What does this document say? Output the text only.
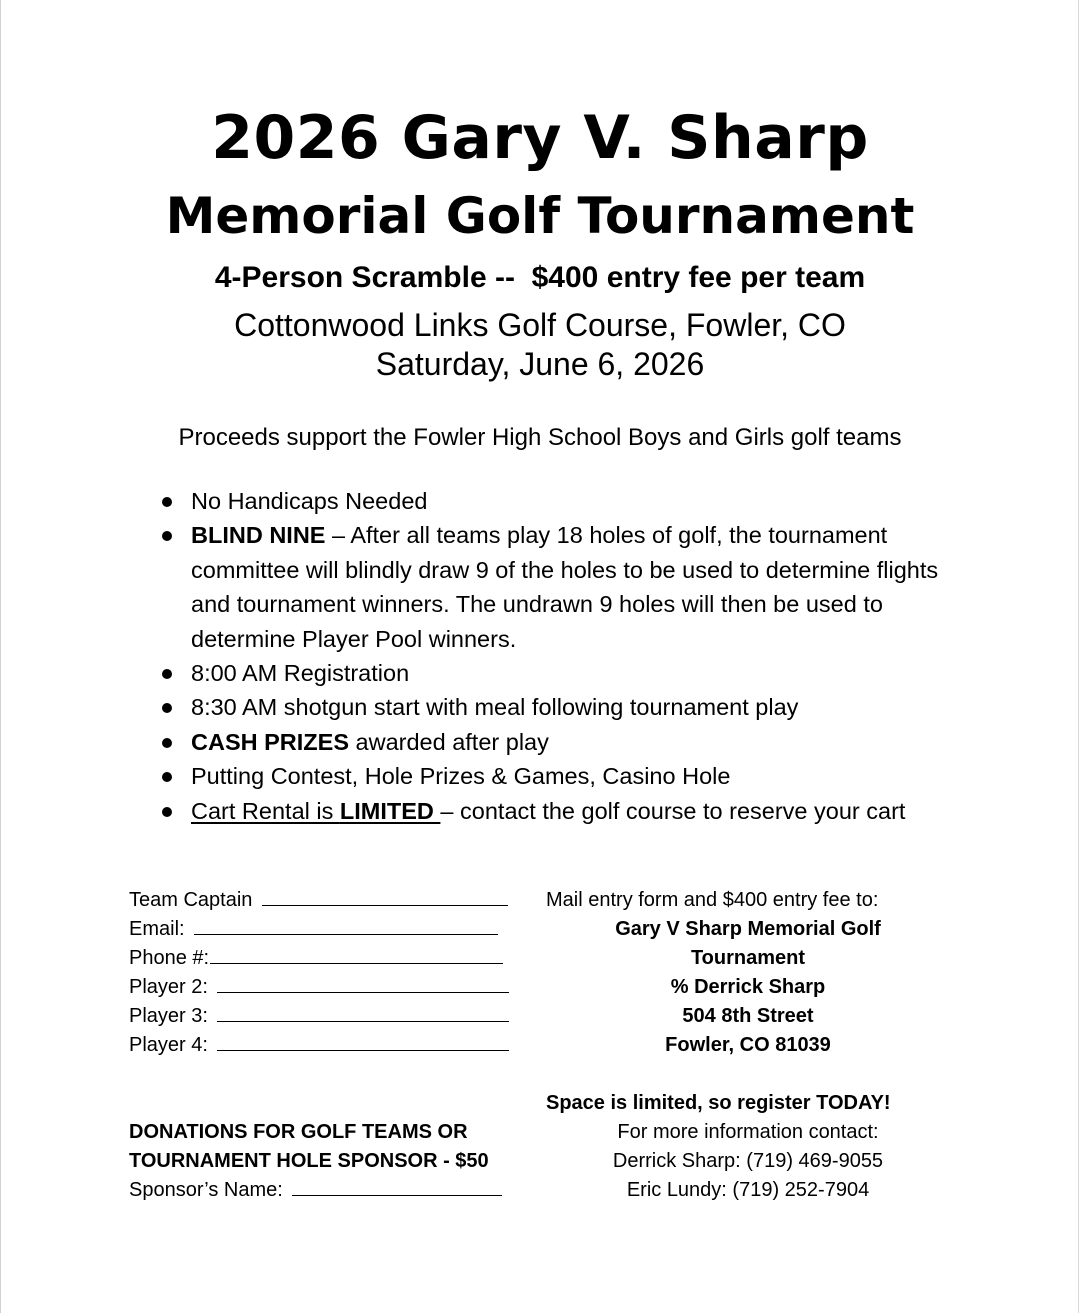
2026 Gary V. Sharp
Memorial Golf Tournament
4-Person Scramble --  $400 entry fee per team
Cottonwood Links Golf Course, Fowler, CO
Saturday, June 6, 2026
Proceeds support the Fowler High School Boys and Girls golf teams
No Handicaps Needed
BLIND NINE – After all teams play 18 holes of golf, the tournament committee will blindly draw 9 of the holes to be used to determine flights and tournament winners. The undrawn 9 holes will then be used to determine Player Pool winners.
8:00 AM Registration
8:30 AM shotgun start with meal following tournament play
CASH PRIZES awarded after play
Putting Contest, Hole Prizes & Games, Casino Hole
Cart Rental is LIMITED – contact the golf course to reserve your cart
Team Captain
Email:
Phone #:
Player 2:
Player 3:
Player 4:
Mail entry form and $400 entry fee to:
Gary V Sharp Memorial Golf
Tournament
% Derrick Sharp
504 8th Street
Fowler, CO 81039
Space is limited, so register TODAY!
For more information contact:
Derrick Sharp: (719) 469-9055
Eric Lundy: (719) 252-7904
DONATIONS FOR GOLF TEAMS OR
TOURNAMENT HOLE SPONSOR - $50
Sponsor’s Name:
